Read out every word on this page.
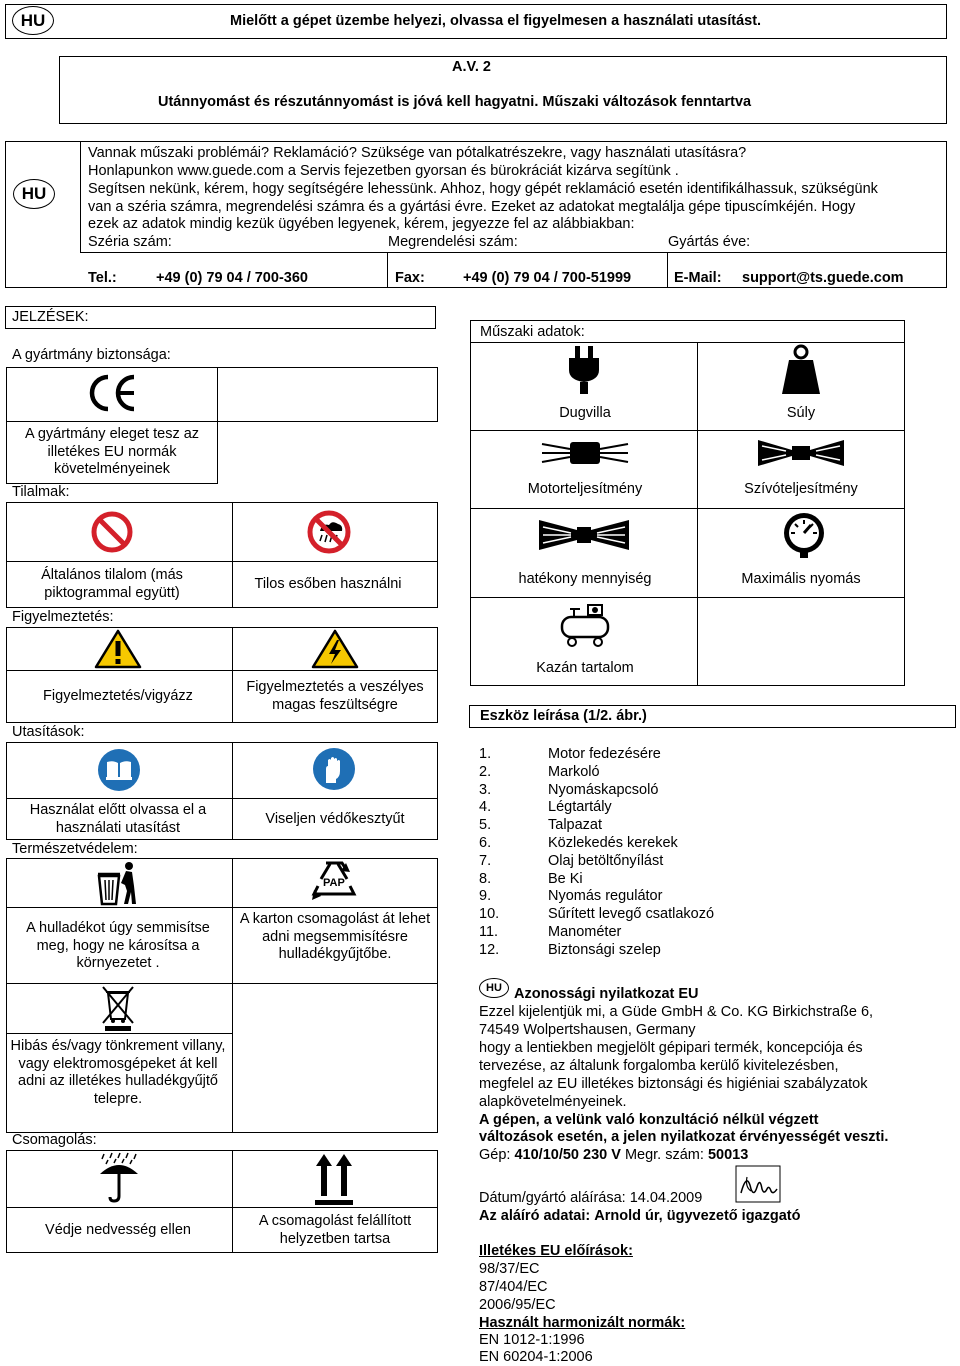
HU	Mielőtt a gépet üzembe helyezi, olvassa el figyelmesen a használati utasítást.
A.V. 2
Utánnyomást és részutánnyomást is jóvá kell hagyatni. Műszaki változások fenntartva
HU
Vannak műszaki problémái? Reklamáció? Szüksége van pótalkatrészekre, vagy használati utasításra?
Honlapunkon www.guede.com a Servis fejezetben gyorsan és bürokráciát kizárva segítünk .
Segítsen nekünk, kérem, hogy segítségére lehessünk. Ahhoz, hogy gépét reklamáció esetén identifikálhassuk, szükségünk
van a széria számra, megrendelési számra és a gyártási évre. Ezeket az adatokat megtalálja gépe tipuscímkéjén. Hogy
ezek az adatok mindig kezük ügyében legyenek, kérem, jegyezze fel az alábbiakban:
Széria szám:	Megrendelési szám:	Gyártás éve:
Tel.:	+49 (0) 79 04 / 700-360	Fax:	+49 (0) 79 04 / 700-51999	E-Mail: support@ts.guede.com
JELZÉSEK:
A gyártmány biztonsága:
A gyártmány eleget tesz az illetékes EU normák követelményeinek
Tilalmak:
Általános tilalom (más piktogrammal együtt)
Tilos esőben használni
Figyelmeztetés:
Figyelmeztetés/vigyázz
Figyelmeztetés a veszélyes magas feszültségre
Utasítások:
Használat előtt olvassa el a használati utasítást
Viseljen védőkesztyűt
Természetvédelem:
PAP
A hulladékot úgy semmisítse meg, hogy ne károsítsa a környezetet .
A karton csomagolást át lehet adni megsemmisítésre hulladékgyűjtőbe.
Hibás és/vagy tönkrement villany, vagy elektromosgépeket át kell adni az illetékes hulladékgyűjtő telepre.
Csomagolás:
Védje nedvesség ellen
A csomagolást felállított helyzetben tartsa
Műszaki adatok:
Dugvilla	Súly
Motorteljesítmény	Szívóteljesítmény
hatékony mennyiség	Maximális nyomás
Kazán tartalom
Eszköz leírása (1/2. ábr.)
1.	Motor fedezésére
2.	Markoló
3.	Nyomáskapcsoló
4.	Légtartály
5.	Talpazat
6.	Közlekedés kerekek
7.	Olaj betöltőnyílást
8.	Be Ki
9.	Nyomás regulátor
10.	Sűrített levegő csatlakozó
11.	Manométer
12.	Biztonsági szelep
HU Azonossági nyilatkozat EU
Ezzel kijelentjük mi, a Güde GmbH & Co. KG Birkichstraße 6,
74549 Wolpertshausen, Germany
hogy a lentiekben megjelölt gépipari termék, koncepciója és
tervezése, az általunk forgalomba kerülő kivitelezésben,
megfelel az EU illetékes biztonsági és higiéniai szabályzatok
alapkövetelményeinek.
A gépen, a velünk való konzultáció nélkül végzett
változások esetén, a jelen nyilatkozat érvényességét veszti.
Gép: 410/10/50 230 V Megr. szám: 50013
Dátum/gyártó aláírása: 14.04.2009
Az aláíró adatai: Arnold úr, ügyvezető igazgató
Illetékes EU előírások:
98/37/EC
87/404/EC
2006/95/EC
Használt harmonizált normák:
EN 1012-1:1996
EN 60204-1:2006
